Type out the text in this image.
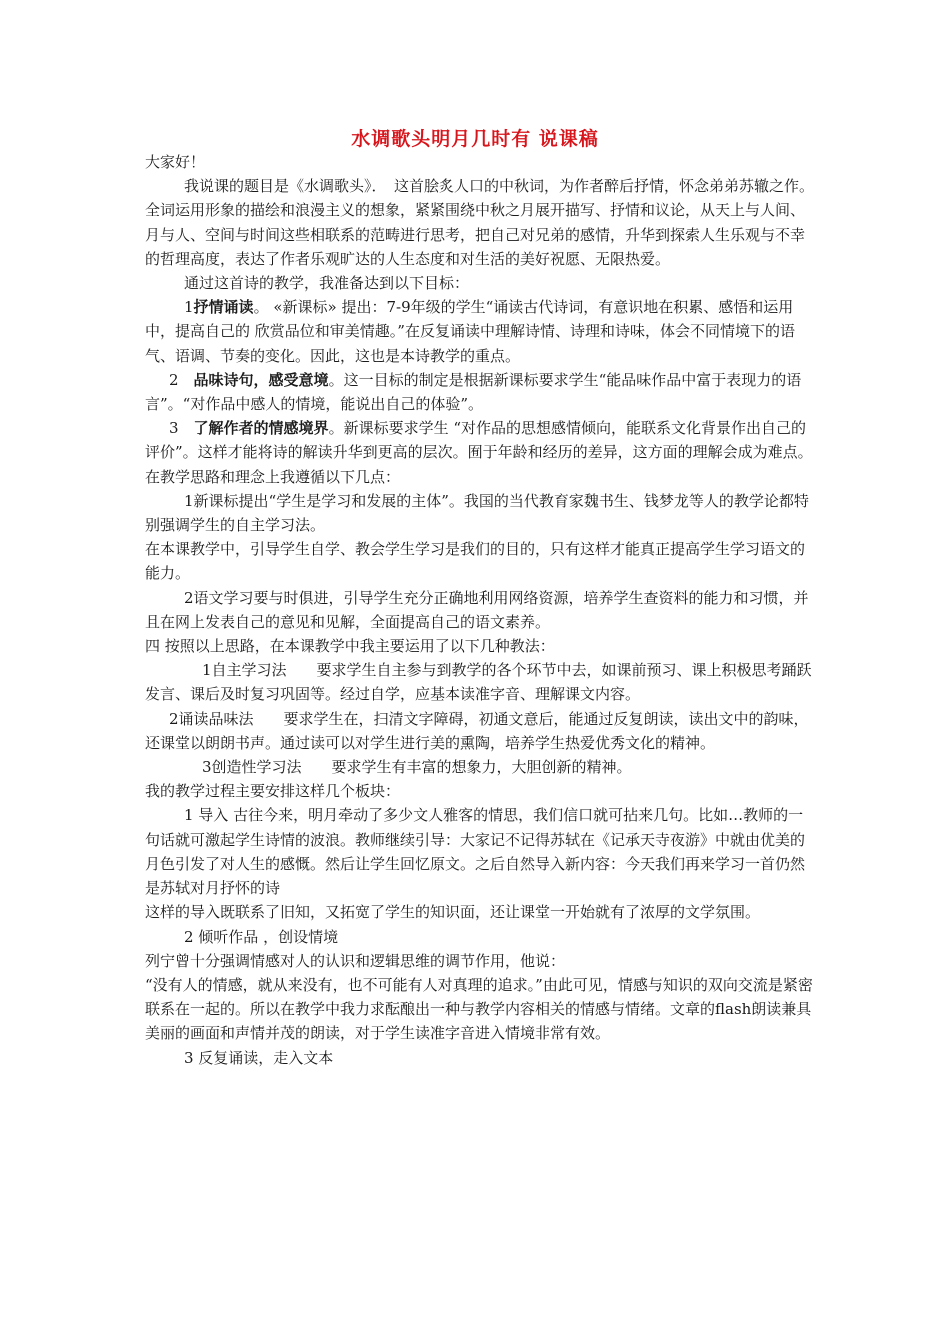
水调歌头明月几时有 说课稿

大家好！

我说课的题目是《水调歌头》．　这首脍炙人口的中秋词，为作者醉后抒情，怀念弟弟苏辙之作。全词运用形象的描绘和浪漫主义的想象，紧紧围绕中秋之月展开描写、抒情和议论，从天上与人间、月与人、空间与时间这些相联系的范畴进行思考，把自己对兄弟的感情，升华到探索人生乐观与不幸的哲理高度，表达了作者乐观旷达的人生态度和对生活的美好祝愿、无限热爱。

通过这首诗的教学，我准备达到以下目标：

1抒情诵读。 «新课标» 提出：7-9年级的学生“诵读古代诗词，有意识地在积累、感悟和运用中，提高自己的 欣赏品位和审美情趣。”在反复诵读中理解诗情、诗理和诗味，体会不同情境下的语气、语调、节奏的变化。因此，这也是本诗教学的重点。

2　品味诗句，感受意境。这一目标的制定是根据新课标要求学生“能品味作品中富于表现力的语言”。“对作品中感人的情境，能说出自己的体验”。

3　了解作者的情感境界。新课标要求学生 “对作品的思想感情倾向，能联系文化背景作出自己的评价”。这样才能将诗的解读升华到更高的层次。囿于年龄和经历的差异，这方面的理解会成为难点。

在教学思路和理念上我遵循以下几点：

1新课标提出“学生是学习和发展的主体”。我国的当代教育家魏书生、钱梦龙等人的教学论都特别强调学生的自主学习法。

在本课教学中，引导学生自学、教会学生学习是我们的目的，只有这样才能真正提高学生学习语文的能力。

2语文学习要与时俱进，引导学生充分正确地利用网络资源，培养学生查资料的能力和习惯，并且在网上发表自己的意见和见解，全面提高自己的语文素养。

四 按照以上思路，在本课教学中我主要运用了以下几种教法：

1自主学习法　　要求学生自主参与到教学的各个环节中去，如课前预习、课上积极思考踊跃发言、课后及时复习巩固等。经过自学，应基本读准字音、理解课文内容。

2诵读品味法　　要求学生在，扫清文字障碍，初通文意后，能通过反复朗读，读出文中的韵味，还课堂以朗朗书声。通过读可以对学生进行美的熏陶，培养学生热爱优秀文化的精神。

3创造性学习法　　要求学生有丰富的想象力，大胆创新的精神。

我的教学过程主要安排这样几个板块：

1 导入 古往今来，明月牵动了多少文人雅客的情思，我们信口就可拈来几句。比如…教师的一句话就可激起学生诗情的波浪。教师继续引导：大家记不记得苏轼在《记承天寺夜游》中就由优美的月色引发了对人生的感慨。然后让学生回忆原文。之后自然导入新内容：今天我们再来学习一首仍然是苏轼对月抒怀的诗

这样的导入既联系了旧知，又拓宽了学生的知识面，还让课堂一开始就有了浓厚的文学氛围。

2 倾听作品 ，创设情境

列宁曾十分强调情感对人的认识和逻辑思维的调节作用，他说：

“没有人的情感，就从来没有，也不可能有人对真理的追求。”由此可见，情感与知识的双向交流是紧密联系在一起的。所以在教学中我力求酝酿出一种与教学内容相关的情感与情绪。文章的flash朗读兼具美丽的画面和声情并茂的朗读，对于学生读准字音进入情境非常有效。

3 反复诵读，走入文本
